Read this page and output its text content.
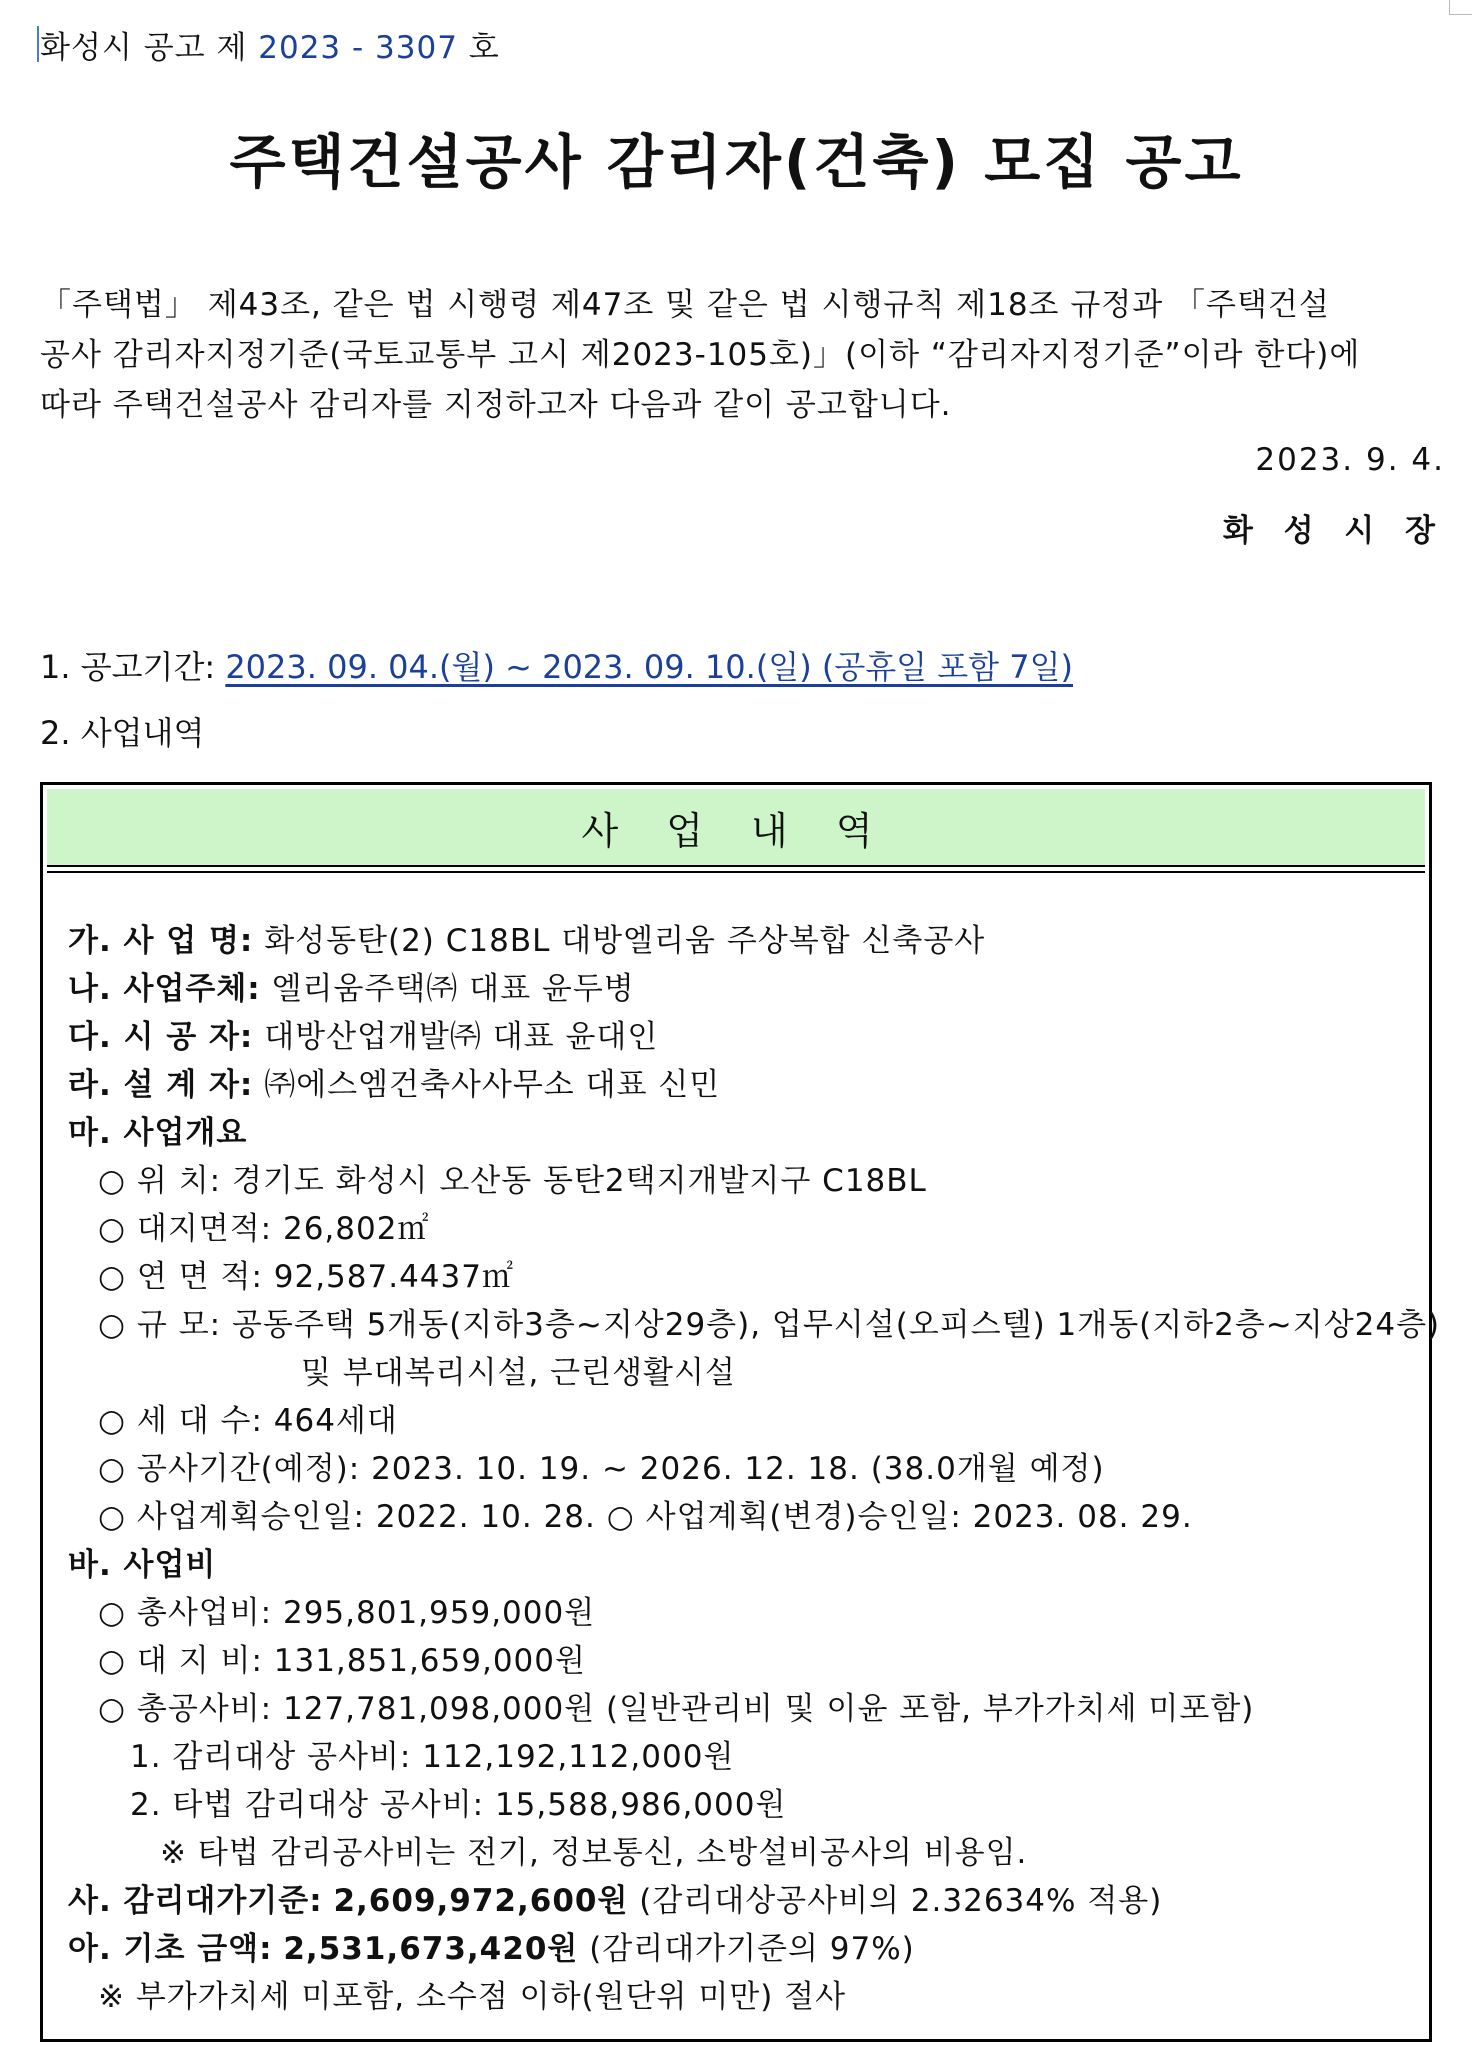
화성시 공고 제 2023 - 3307 호
주택건설공사 감리자(건축) 모집 공고
「주택법」 제43조, 같은 법 시행령 제47조 및 같은 법 시행규칙 제18조 규정과 「주택건설
공사 감리자지정기준(국토교통부 고시 제2023-105호)」(이하 “감리자지정기준”이라 한다)에
따라 주택건설공사 감리자를 지정하고자 다음과 같이 공고합니다.
2023. 9. 4.
화 성 시 장
1. 공고기간: 2023. 09. 04.(월) ~ 2023. 09. 10.(일) (공휴일 포함 7일)
2. 사업내역
사 업 내 역
가. 사 업 명: 화성동탄(2) C18BL 대방엘리움 주상복합 신축공사
나. 사업주체: 엘리움주택㈜ 대표 윤두병
다. 시 공 자: 대방산업개발㈜ 대표 윤대인
라. 설 계 자: ㈜에스엠건축사사무소 대표 신민
마. 사업개요
○ 위 치: 경기도 화성시 오산동 동탄2택지개발지구 C18BL
○ 대지면적: 26,802㎡
○ 연 면 적: 92,587.4437㎡
○ 규 모: 공동주택 5개동(지하3층~지상29층), 업무시설(오피스텔) 1개동(지하2층~지상24층)
및 부대복리시설, 근린생활시설
○ 세 대 수: 464세대
○ 공사기간(예정): 2023. 10. 19. ~ 2026. 12. 18. (38.0개월 예정)
○ 사업계획승인일: 2022. 10. 28. ○ 사업계획(변경)승인일: 2023. 08. 29.
바. 사업비
○ 총사업비: 295,801,959,000원
○ 대 지 비: 131,851,659,000원
○ 총공사비: 127,781,098,000원 (일반관리비 및 이윤 포함, 부가가치세 미포함)
1. 감리대상 공사비: 112,192,112,000원
2. 타법 감리대상 공사비: 15,588,986,000원
※ 타법 감리공사비는 전기, 정보통신, 소방설비공사의 비용임.
사. 감리대가기준: 2,609,972,600원 (감리대상공사비의 2.32634% 적용)
아. 기초 금액: 2,531,673,420원 (감리대가기준의 97%)
※ 부가가치세 미포함, 소수점 이하(원단위 미만) 절사
